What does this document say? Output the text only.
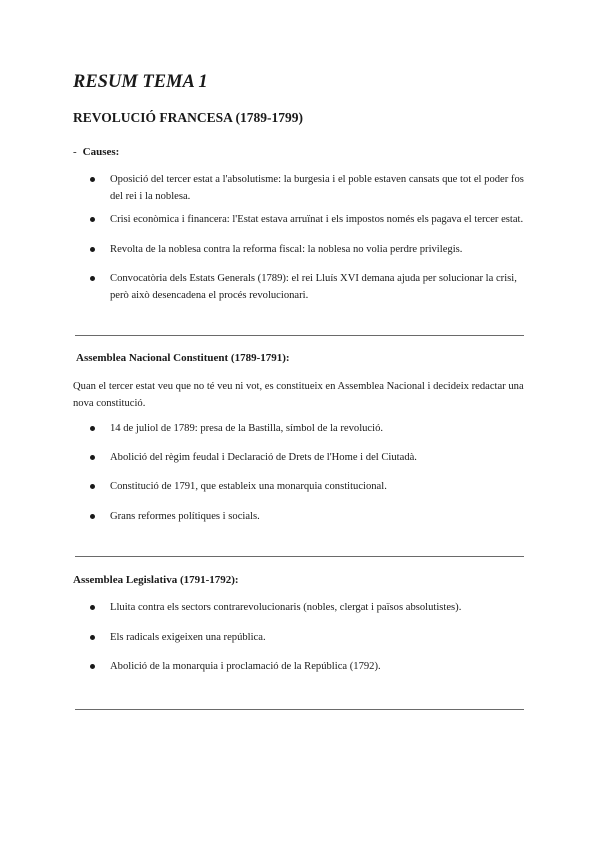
RESUM TEMA 1
REVOLUCIÓ FRANCESA (1789-1799)
- Causes:
Oposició del tercer estat a l'absolutisme: la burgesia i el poble estaven cansats que tot el poder fos del rei i la noblesa.
Crisi econòmica i financera: l'Estat estava arruïnat i els impostos només els pagava el tercer estat.
Revolta de la noblesa contra la reforma fiscal: la noblesa no volia perdre privilegis.
Convocatòria dels Estats Generals (1789): el rei Lluís XVI demana ajuda per solucionar la crisi, però això desencadena el procés revolucionari.
Assemblea Nacional Constituent (1789-1791):

Quan el tercer estat veu que no té veu ni vot, es constitueix en Assemblea Nacional i decideix redactar una nova constitució.

14 de juliol de 1789: presa de la Bastilla, símbol de la revolució.
Abolició del règim feudal i Declaració de Drets de l'Home i del Ciutadà.
Constitució de 1791, que estableix una monarquia constitucional.
Grans reformes polítiques i socials.
Assemblea Legislativa (1791-1792):
Lluita contra els sectors contrarevolucionaris (nobles, clergat i països absolutistes).
Els radicals exigeixen una república.
Abolició de la monarquia i proclamació de la República (1792).
